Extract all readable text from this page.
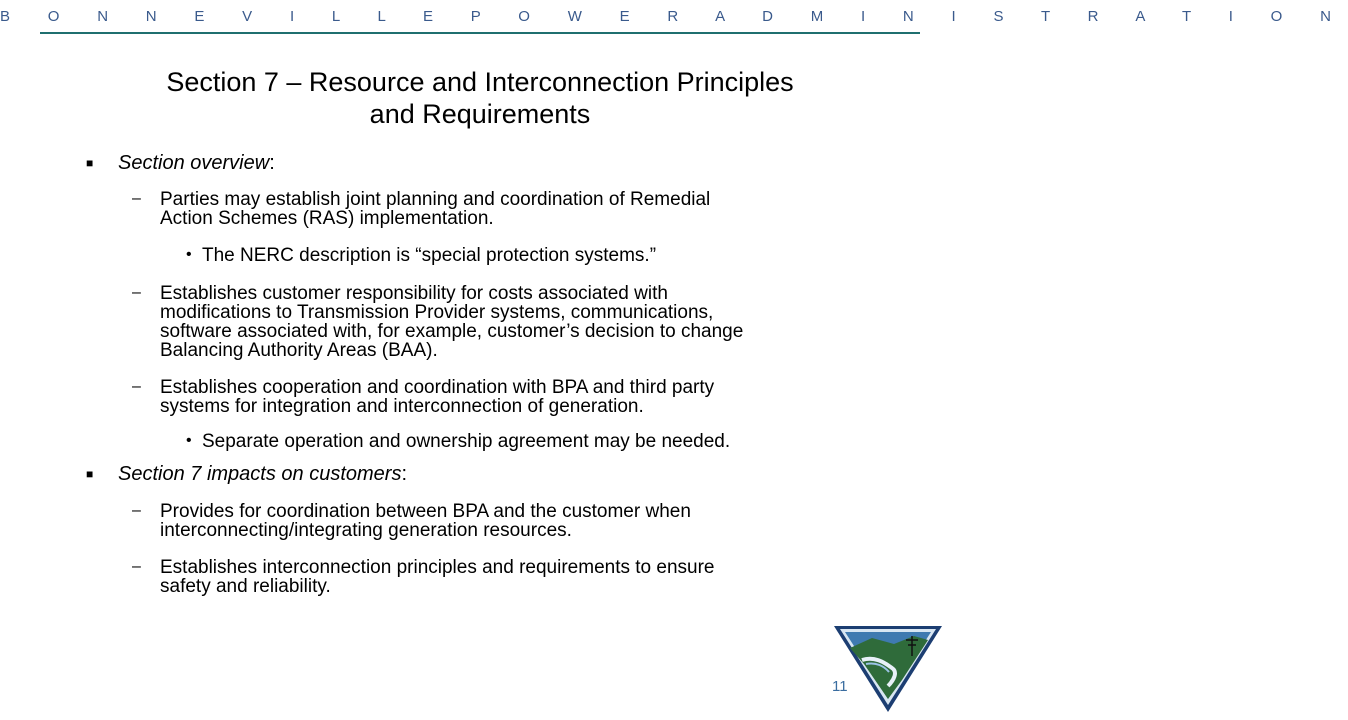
B O N N E V I L L E P O W E R A D M I N I S T R A T I O N
Section 7 – Resource and Interconnection Principles
and Requirements
■ Section overview:
– Parties may establish joint planning and coordination of Remedial
Action Schemes (RAS) implementation.
• The NERC description is “special protection systems.”
– Establishes customer responsibility for costs associated with
modifications to Transmission Provider systems, communications,
software associated with, for example, customer’s decision to change
Balancing Authority Areas (BAA).
– Establishes cooperation and coordination with BPA and third party
systems for integration and interconnection of generation.
• Separate operation and ownership agreement may be needed.
■ Section 7 impacts on customers:
– Provides for coordination between BPA and the customer when
interconnecting/integrating generation resources.
– Establishes interconnection principles and requirements to ensure
safety and reliability.
11
